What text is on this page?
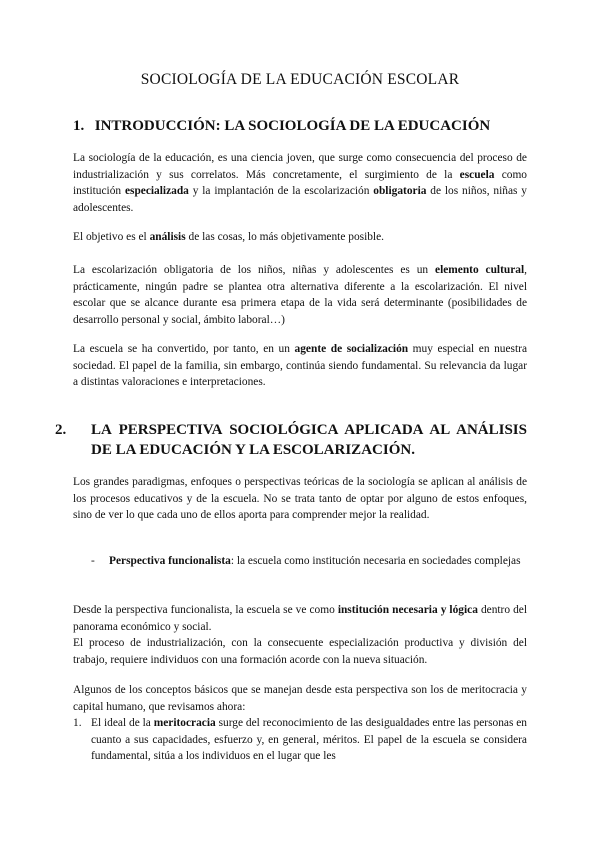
SOCIOLOGÍA DE LA EDUCACIÓN ESCOLAR
1. INTRODUCCIÓN: LA SOCIOLOGÍA DE LA EDUCACIÓN

La sociología de la educación, es una ciencia joven, que surge como consecuencia del proceso de industrialización y sus correlatos. Más concretamente, el surgimiento de la escuela como institución especializada y la implantación de la escolarización obligatoria de los niños, niñas y adolescentes.

El objetivo es el análisis de las cosas, lo más objetivamente posible.

La escolarización obligatoria de los niños, niñas y adolescentes es un elemento cultural, prácticamente, ningún padre se plantea otra alternativa diferente a la escolarización. El nivel escolar que se alcance durante esa primera etapa de la vida será determinante (posibilidades de desarrollo personal y social, ámbito laboral…)

La escuela se ha convertido, por tanto, en un agente de socialización muy especial en nuestra sociedad. El papel de la familia, sin embargo, continúa siendo fundamental. Su relevancia da lugar a distintas valoraciones e interpretaciones.

2. LA PERSPECTIVA SOCIOLÓGICA APLICADA AL ANÁLISIS DE LA EDUCACIÓN Y LA ESCOLARIZACIÓN.

Los grandes paradigmas, enfoques o perspectivas teóricas de la sociología se aplican al análisis de los procesos educativos y de la escuela. No se trata tanto de optar por alguno de estos enfoques, sino de ver lo que cada uno de ellos aporta para comprender mejor la realidad.

- Perspectiva funcionalista: la escuela como institución necesaria en sociedades complejas

Desde la perspectiva funcionalista, la escuela se ve como institución necesaria y lógica dentro del panorama económico y social.

El proceso de industrialización, con la consecuente especialización productiva y división del trabajo, requiere individuos con una formación acorde con la nueva situación.

Algunos de los conceptos básicos que se manejan desde esta perspectiva son los de meritocracia y capital humano, que revisamos ahora:

1. El ideal de la meritocracia surge del reconocimiento de las desigualdades entre las personas en cuanto a sus capacidades, esfuerzo y, en general, méritos. El papel de la escuela se considera fundamental, sitúa a los individuos en el lugar que les
